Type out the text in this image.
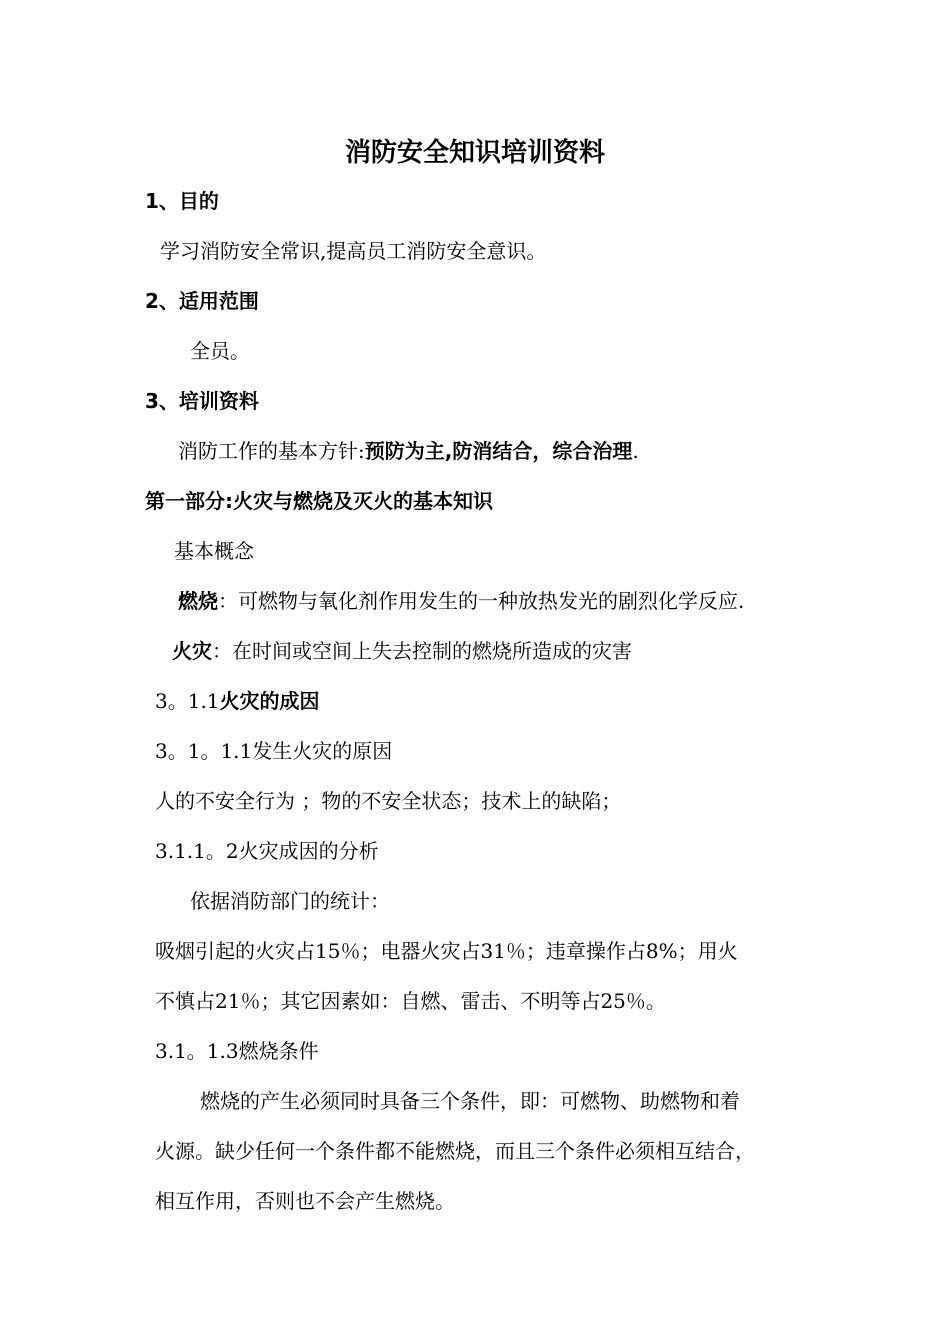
消防安全知识培训资料
1、目的
学习消防安全常识,提高员工消防安全意识。
2、适用范围
全员。
3、培训资料
消防工作的基本方针:预防为主,防消结合，综合治理.
第一部分:火灾与燃烧及灭火的基本知识
基本概念
燃烧：可燃物与氧化剂作用发生的一种放热发光的剧烈化学反应.
火灾：在时间或空间上失去控制的燃烧所造成的灾害
3。1.1火灾的成因
3。1。1.1发生火灾的原因
人的不安全行为 ；物的不安全状态；技术上的缺陷；
3.1.1。2火灾成因的分析
依据消防部门的统计：
吸烟引起的火灾占15％；电器火灾占31％；违章操作占8%；用火
不慎占21％；其它因素如：自燃、雷击、不明等占25％。
3.1。1.3燃烧条件
燃烧的产生必须同时具备三个条件，即：可燃物、助燃物和着
火源。缺少任何一个条件都不能燃烧，而且三个条件必须相互结合，
相互作用，否则也不会产生燃烧。
